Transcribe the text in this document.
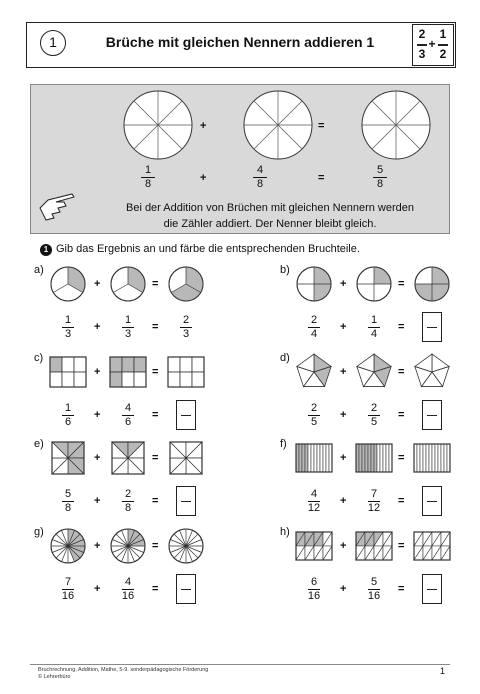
1	Brüche mit gleichen Nennern addieren 1	2
3
+
1
2
+	=
1
8	+
4
8	=
5
8
Bei der Addition von Brüchen mit gleichen Nennern werden
die Zähler addiert. Der Nenner bleibt gleich.
1 Gib das Ergebnis an und färbe die entsprechenden Bruchteile.
a)
+	=
1
3
+
1
3
=
2
3
b)
+	=
2
4
+
1
4
=
c)
+	=
1
6
+
4
6
=
d)
+	=
2
5
+
2
5
=
e)
+	=
5
8
+
2
8
=
f)
+	=
4
12
+
7
12
=
g)
+	=
7
16
+
4
16
=
h)
+	=
6
16
+
5
16
=
Bruchrechnung, Addition, Mathe, 5-9. sonderpädagogische Förderung
© Lehrerbüro
1
